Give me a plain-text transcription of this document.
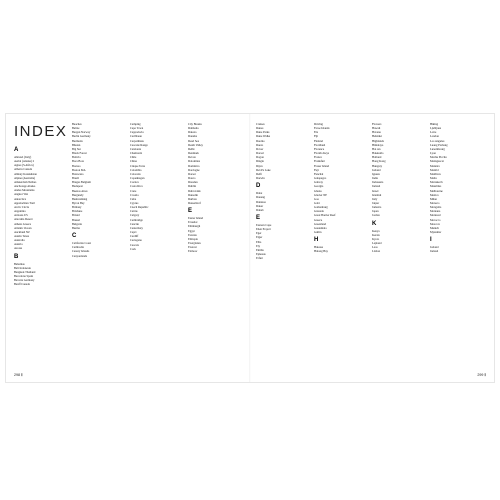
INDEX
A
Abruzzi (Italy)
Aerial (Alaska) 2
Agnes (S.Africa)
Alberta Canada
Almaty Kazakhstan
Alpine (Australia)
Amsterdam Nether.
Anchorage Alaska
Andes Mountains
Angkor Wat
Antarctica
Appalachian Trail
Arctic Circle
Argentina
Arizona US
Atacama Desert
Athens Greece
Atlantic Ocean
Auckland NZ
Austin Texas
Australia
Austria
Azores
B
Bahamas
Bali Indonesia
Bangkok Thailand
Barcelona Spain
Bavaria Germany
Banff Canada
Beaches
Belize
Bergen Norway
Berlin Germany
Bermuda
Bhutan
Big Sur
Black Forest
Bolivia
Bora Bora
Borneo
Boston MA
Botswana
Brazil
Bruges Belgium
Budapest
Buenos Aires
Burgundy
Bushwalking
Byron Bay
Brittany
Brisbane
Bristol
Bruneï
Bulgaria
Burma
C
California Coast
Cambodia
Canary Islands
Canyonlands
Camping
Cape Town
Cappadocia
Caribbean
Carpathians
Cascade Range
Catalonia
Chamonix
Chile
China
Cinque Terre
Colombia
Colorado
Copenhagen
Corsica
Costa Rica
Crete
Croatia
Cuba
Cyprus
Czech Republic
Cairns
Calgary
Cambridge
Cancún
Canterbury
Capri
Cardiff
Cartagena
Cascais
Cork
City Breaks
Dalmatia
Dakota
Danube
Dead Sea
Death Valley
Delhi
Denmark
Devon
Dolomites
Dominica
Dordogne
Dorset
Douro
Dresden
Dublin
Dubrovnik
Dunedin
Durban
Dusseldorf
E
Easter Island
Ecuador
Edinburgh
Egypt
Estonia
Ethiopia
Everglades
Everest
Exmoor
Cruises
Dunes
Dune Parks
Dune Walks
Duomo
Duero
Dover
Dorsal
Dogon
Dingle
Dijon
Devil's Lake
Delft
Darwin
D
Dalat
Danang
Daintree
Dakar
Dahab
E
Eastern Cape
Eden Project
Eger
Eiger
Elba
Ely
Emilia
Ephesus
Erfurt
Driving
Faroe Islands
Fès
Fiji
Finland
Fiordland
Florence
Florida Keys
France
Frankfurt
Fraser Island
Fuji
Funchal
Galapagos
Galway
Georgia
Ghana
Glacier NP
Goa
Gobi
Gothenburg
Granada
Great Barrier Reef
Greece
Greenland
Guatemala
Guilin
H
Hakone
Halong Bay
Flowers
Hawaii
Havana
Helsinki
Highlands
Himalaya
Hoi An
Hokkaido
Holland
Hong Kong
Hungary
Iceland
Iguazu
India
Indonesia
Ireland
Israel
Istanbul
Italy
Jaipur
Jamaica
Japan
Jordan
K
Kenya
Kerala
Kyoto
Lapland
Laos
Lisbon
Hiking
Ljubljana
Loire
London
Los Angeles
Luang Prabang
Luxembourg
Lyon
Machu Picchu
Madagascar
Madeira
Madrid
Maldives
Malta
Marrakech
Mauritius
Melbourne
Mexico
Milan
Monaco
Mongolia
Montana
Montreal
Morocco
Moscow
Munich
Myanmar
I
Iceland
Ireland
298 ⦀	299 ⦀
